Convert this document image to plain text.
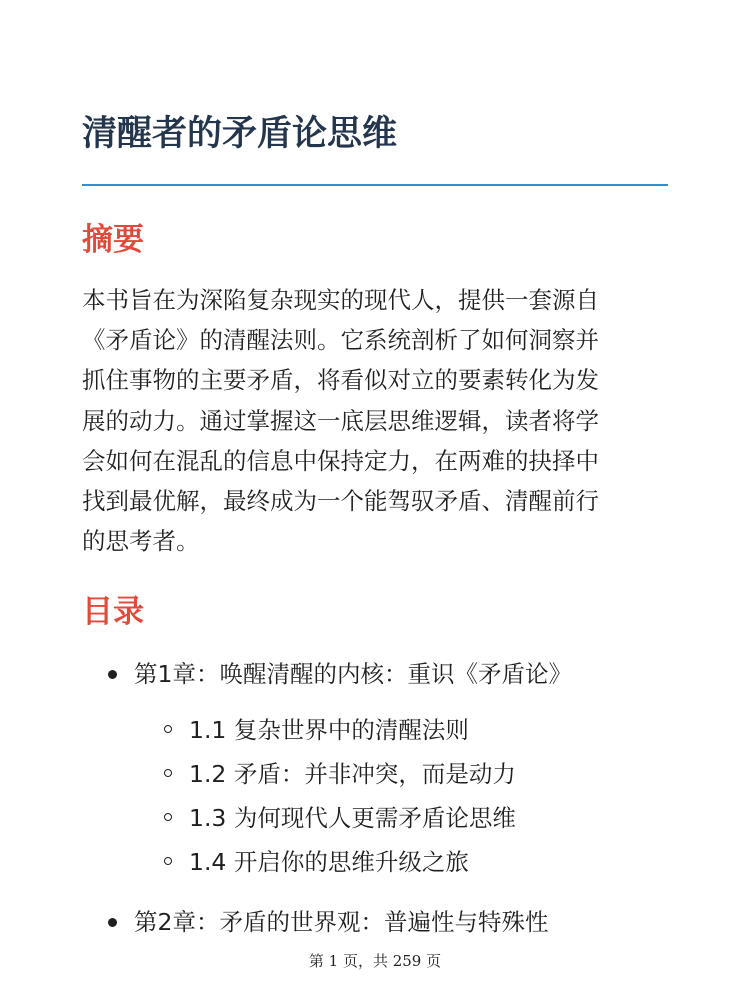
清醒者的矛盾论思维
摘要

本书旨在为深陷复杂现实的现代人，提供一套源自
《矛盾论》的清醒法则。它系统剖析了如何洞察并
抓住事物的主要矛盾，将看似对立的要素转化为发
展的动力。通过掌握这一底层思维逻辑，读者将学
会如何在混乱的信息中保持定力，在两难的抉择中
找到最优解，最终成为一个能驾驭矛盾、清醒前行
的思考者。

目录
第1章：唤醒清醒的内核：重识《矛盾论》
1.1 复杂世界中的清醒法则
1.2 矛盾：并非冲突，而是动力
1.3 为何现代人更需矛盾论思维
1.4 开启你的思维升级之旅
第2章：矛盾的世界观：普遍性与特殊性
第 1 页，共 259 页
